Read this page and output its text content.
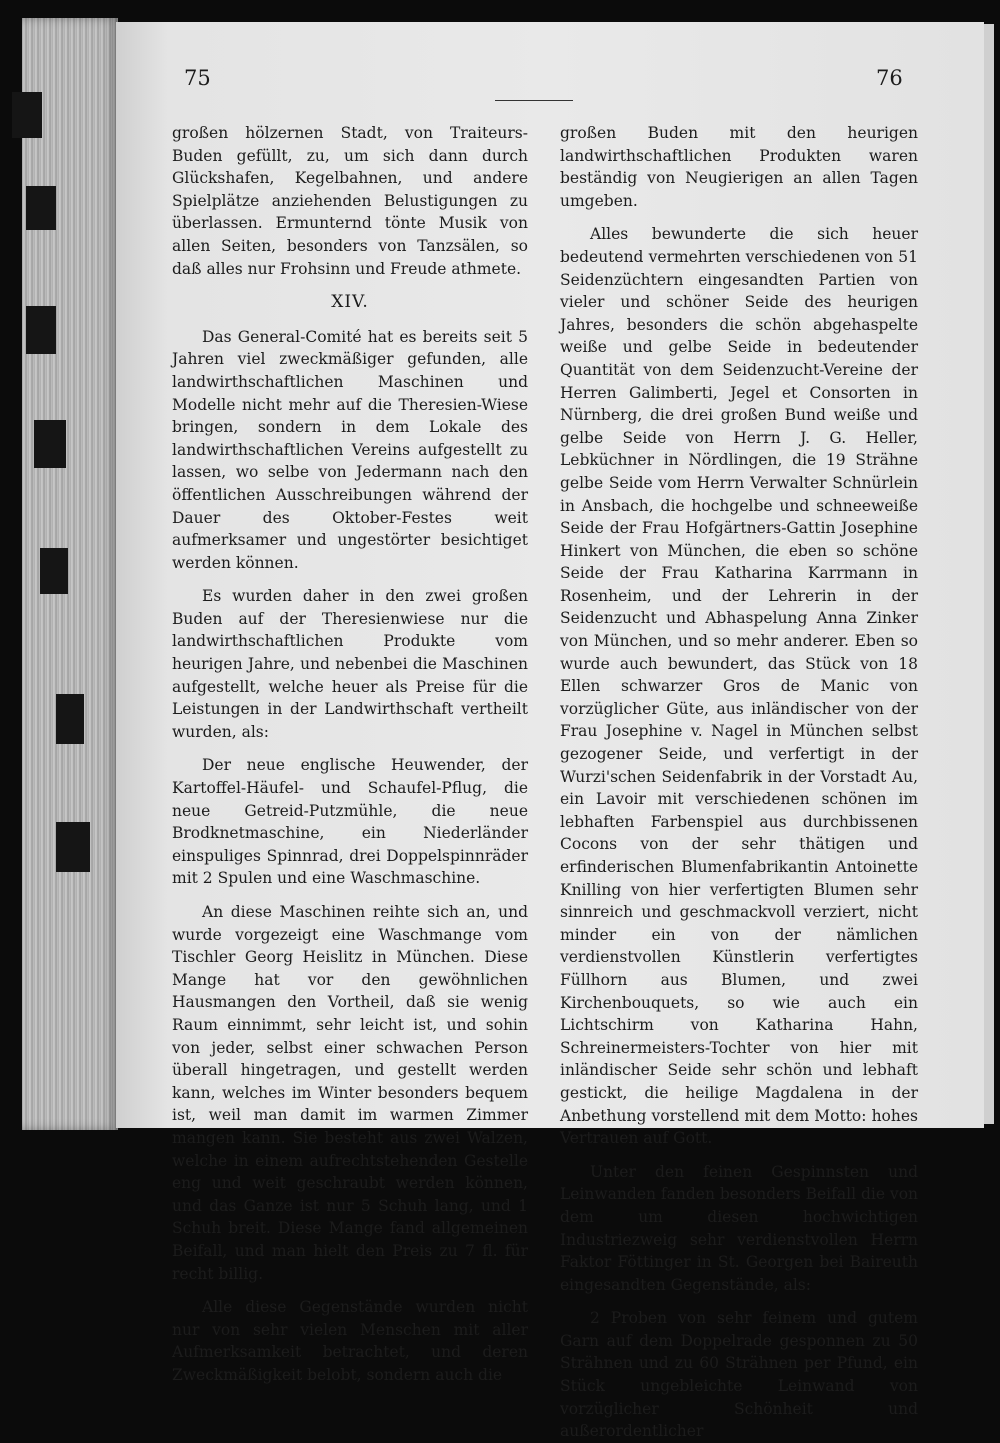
75	76

großen hölzernen Stadt, von Traiteurs-Buden gefüllt, zu, um sich dann durch Glückshafen, Kegelbahnen, und andere Spielplätze anziehenden Belustigungen zu überlassen. Ermunternd tönte Musik von allen Seiten, besonders von Tanzsälen, so daß alles nur Frohsinn und Freude athmete.

XIV.

Das General-Comité hat es bereits seit 5 Jahren viel zweckmäßiger gefunden, alle landwirthschaftlichen Maschinen und Modelle nicht mehr auf die Theresien-Wiese bringen, sondern in dem Lokale des landwirthschaftlichen Vereins aufgestellt zu lassen, wo selbe von Jedermann nach den öffentlichen Ausschreibungen während der Dauer des Oktober-Festes weit aufmerksamer und ungestörter besichtiget werden können.

Es wurden daher in den zwei großen Buden auf der Theresienwiese nur die landwirthschaftlichen Produkte vom heurigen Jahre, und nebenbei die Maschinen aufgestellt, welche heuer als Preise für die Leistungen in der Landwirthschaft vertheilt wurden, als:

Der neue englische Heuwender, der Kartoffel-Häufel- und Schaufel-Pflug, die neue Getreid-Putzmühle, die neue Brodknetmaschine, ein Niederländer einspuliges Spinnrad, drei Doppelspinnräder mit 2 Spulen und eine Waschmaschine.

An diese Maschinen reihte sich an, und wurde vorgezeigt eine Waschmange vom Tischler Georg Heislitz in München. Diese Mange hat vor den gewöhnlichen Hausmangen den Vortheil, daß sie wenig Raum einnimmt, sehr leicht ist, und sohin von jeder, selbst einer schwachen Person überall hingetragen, und gestellt werden kann, welches im Winter besonders bequem ist, weil man damit im warmen Zimmer mangen kann. Sie besteht aus zwei Walzen, welche in einem aufrechtstehenden Gestelle eng und weit geschraubt werden können, und das Ganze ist nur 5 Schuh lang, und 1 Schuh breit. Diese Mange fand allgemeinen Beifall, und man hielt den Preis zu 7 fl. für recht billig.

Alle diese Gegenstände wurden nicht nur von sehr vielen Menschen mit aller Aufmerksamkeit betrachtet, und deren Zweckmäßigkeit belobt, sondern auch die

großen Buden mit den heurigen landwirthschaftlichen Produkten waren beständig von Neugierigen an allen Tagen umgeben.

Alles bewunderte die sich heuer bedeutend vermehrten verschiedenen von 51 Seidenzüchtern eingesandten Partien von vieler und schöner Seide des heurigen Jahres, besonders die schön abgehaspelte weiße und gelbe Seide in bedeutender Quantität von dem Seidenzucht-Vereine der Herren Galimberti, Jegel et Consorten in Nürnberg, die drei großen Bund weiße und gelbe Seide von Herrn J. G. Heller, Lebküchner in Nördlingen, die 19 Strähne gelbe Seide vom Herrn Verwalter Schnürlein in Ansbach, die hochgelbe und schneeweiße Seide der Frau Hofgärtners-Gattin Josephine Hinkert von München, die eben so schöne Seide der Frau Katharina Karrmann in Rosenheim, und der Lehrerin in der Seidenzucht und Abhaspelung Anna Zinker von München, und so mehr anderer. Eben so wurde auch bewundert, das Stück von 18 Ellen schwarzer Gros de Manic von vorzüglicher Güte, aus inländischer von der Frau Josephine v. Nagel in München selbst gezogener Seide, und verfertigt in der Wurzi'schen Seidenfabrik in der Vorstadt Au, ein Lavoir mit verschiedenen schönen im lebhaften Farbenspiel aus durchbissenen Cocons von der sehr thätigen und erfinderischen Blumenfabrikantin Antoinette Knilling von hier verfertigten Blumen sehr sinnreich und geschmackvoll verziert, nicht minder ein von der nämlichen verdienstvollen Künstlerin verfertigtes Füllhorn aus Blumen, und zwei Kirchenbouquets, so wie auch ein Lichtschirm von Katharina Hahn, Schreinermeisters-Tochter von hier mit inländischer Seide sehr schön und lebhaft gestickt, die heilige Magdalena in der Anbethung vorstellend mit dem Motto: hohes Vertrauen auf Gott.

Unter den feinen Gespinnsten und Leinwanden fanden besonders Beifall die von dem um diesen hochwichtigen Industriezweig sehr verdienstvollen Herrn Faktor Föttinger in St. Georgen bei Baireuth eingesandten Gegenstände, als:

2 Proben von sehr feinem und gutem Garn auf dem Doppelrade gesponnen zu 50 Strähnen und zu 60 Strähnen per Pfund, ein Stück ungebleichte Leinwand von vorzüglicher Schönheit und außerordentlicher
